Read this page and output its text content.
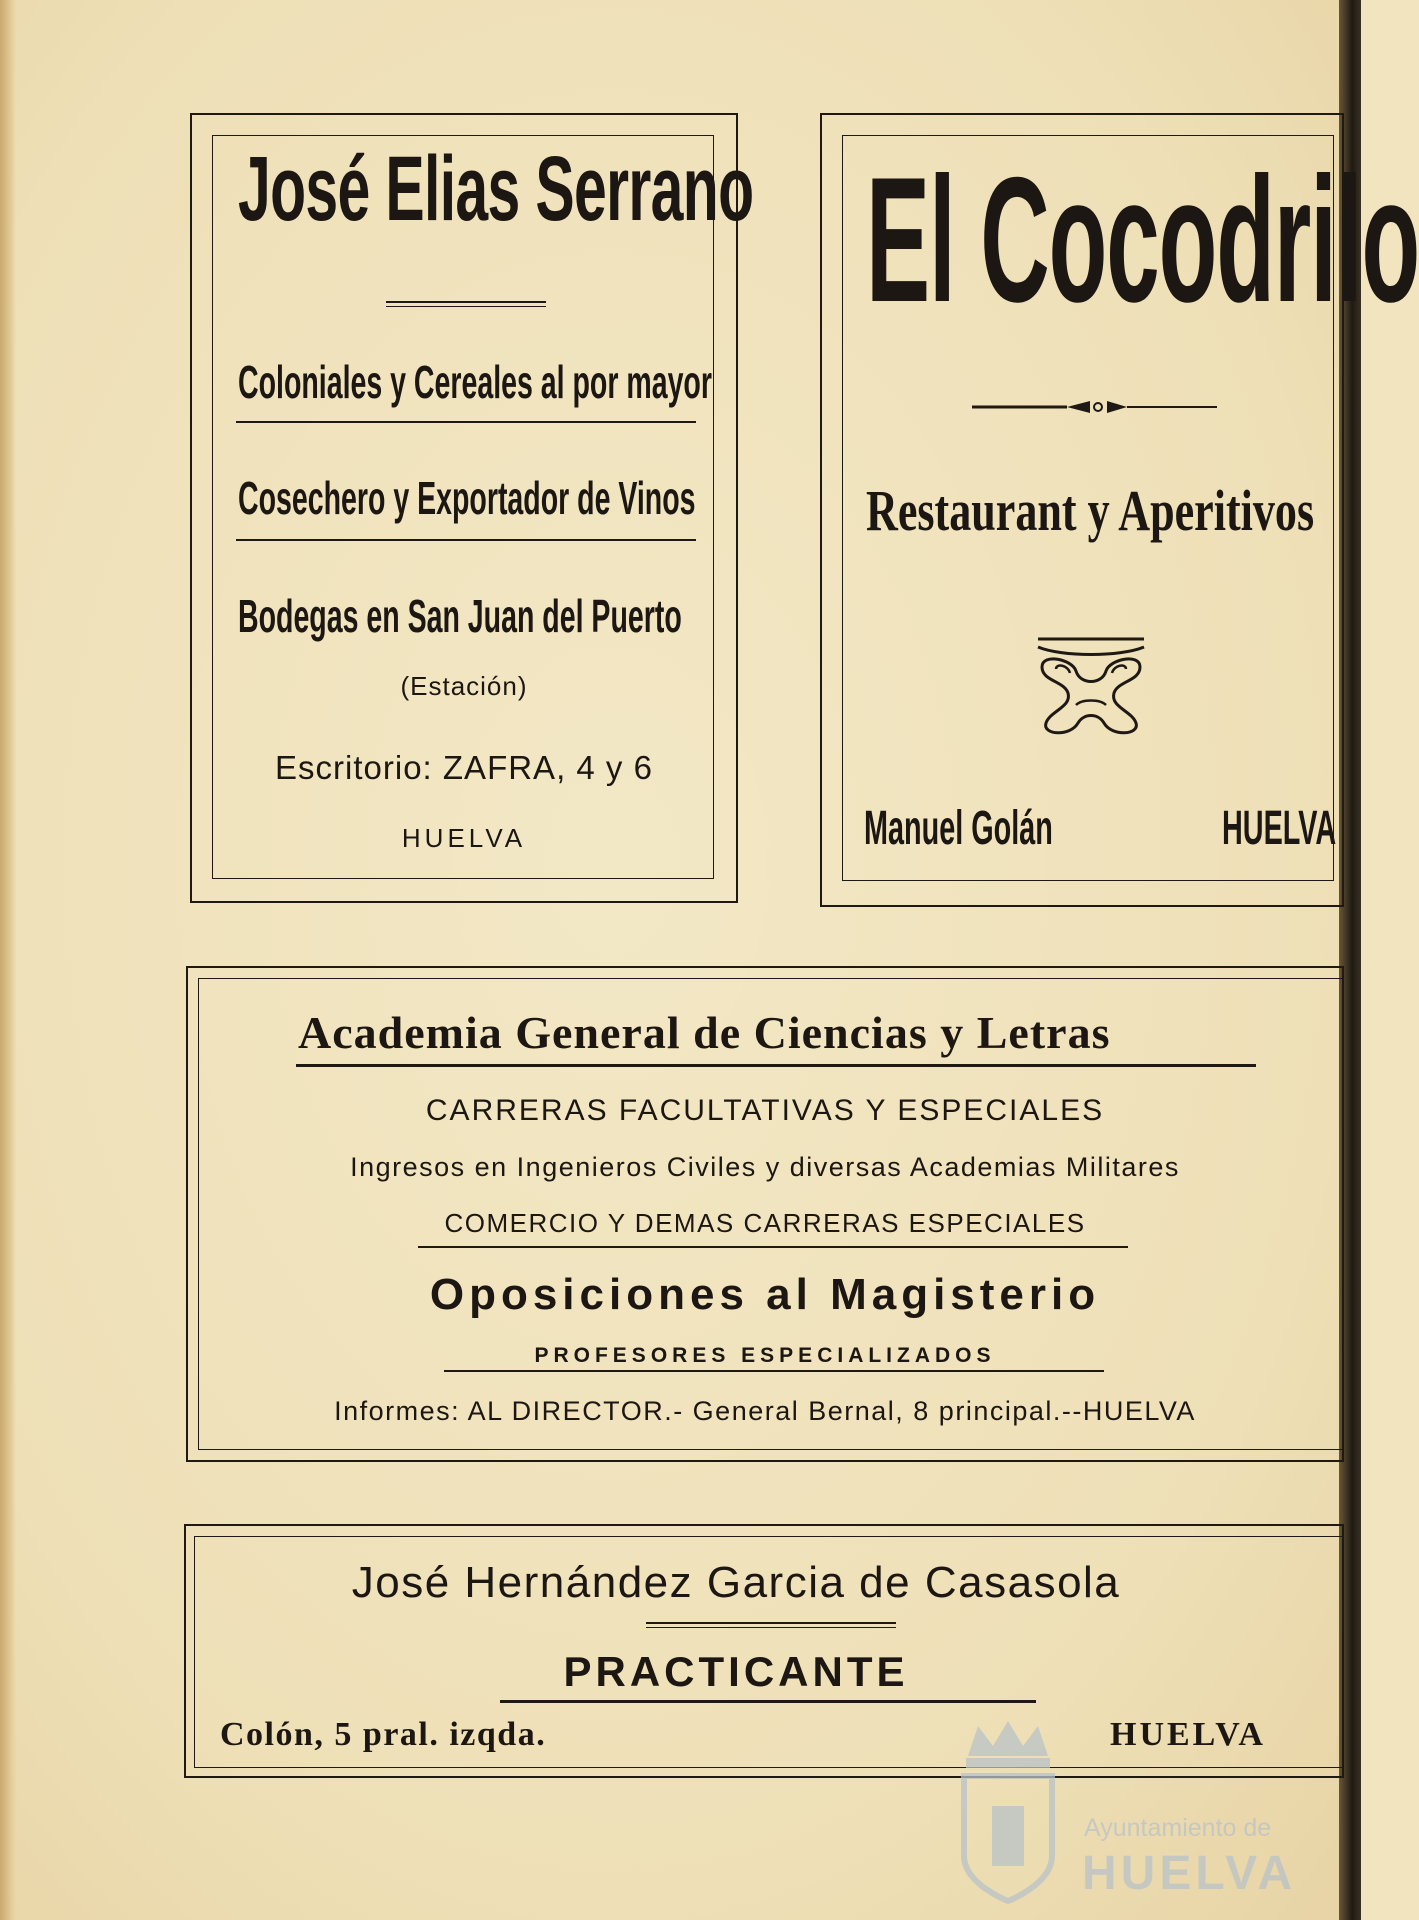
José Elias Serrano
Coloniales y Cereales al por mayor
Cosechero y Exportador de Vinos
Bodegas en San Juan del Puerto
(Estación)
Escritorio: ZAFRA, 4 y 6
HUELVA
El Cocodrilo
Restaurant y Aperitivos
Manuel Golán	HUELVA
Academia General de Ciencias y Letras
CARRERAS FACULTATIVAS Y ESPECIALES
Ingresos en Ingenieros Civiles y diversas Academias Militares
COMERCIO Y DEMAS CARRERAS ESPECIALES
Oposiciones al Magisterio
PROFESORES ESPECIALIZADOS
Informes: AL DIRECTOR.- General Bernal, 8 principal.--HUELVA
José Hernández Garcia de Casasola
PRACTICANTE
Colón, 5 pral. izqda.	HUELVA
Ayuntamiento de
HUELVA
